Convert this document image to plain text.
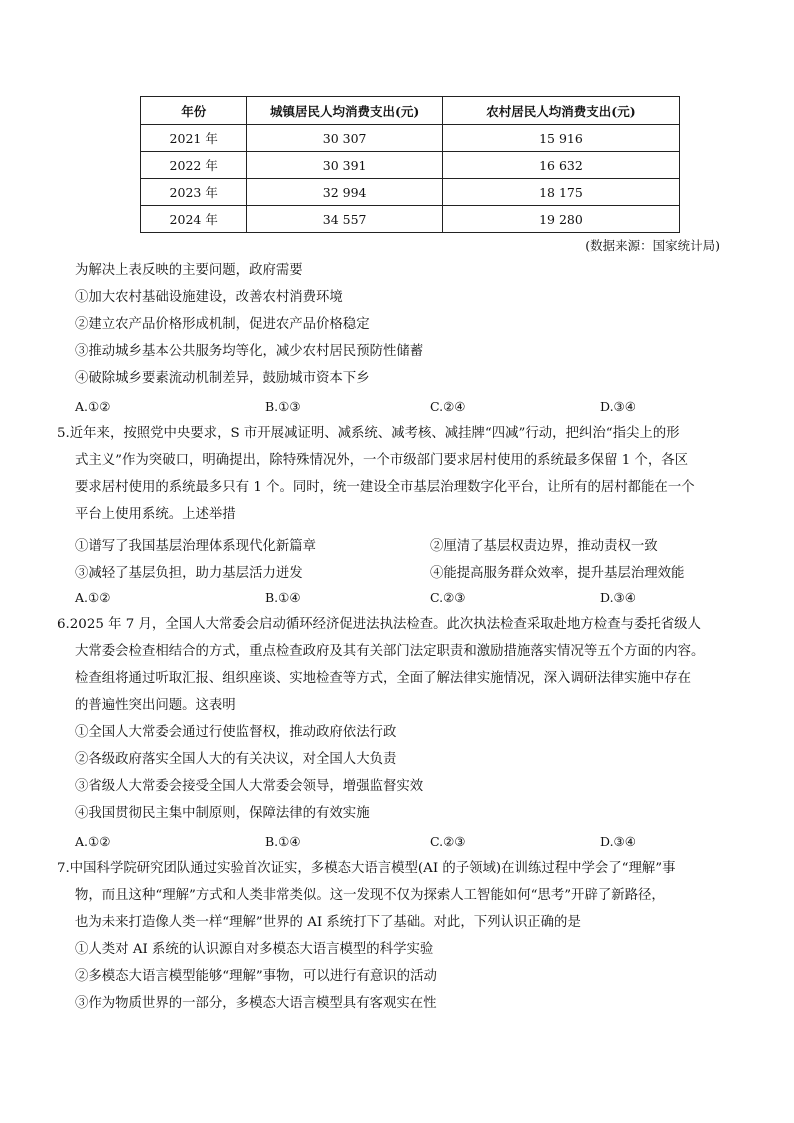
年份	城镇居民人均消费支出(元)	农村居民人均消费支出(元)
2021 年	30 307	15 916
2022 年	30 391	16 632
2023 年	32 994	18 175
2024 年	34 557	19 280
(数据来源：国家统计局)
为解决上表反映的主要问题，政府需要
①加大农村基础设施建设，改善农村消费环境
②建立农产品价格形成机制，促进农产品价格稳定
③推动城乡基本公共服务均等化，减少农村居民预防性储蓄
④破除城乡要素流动机制差异，鼓励城市资本下乡
A.①②	B.①③	C.②④	D.③④
5.近年来，按照党中央要求，S 市开展减证明、减系统、减考核、减挂牌“四减”行动，把纠治“指尖上的形
式主义”作为突破口，明确提出，除特殊情况外，一个市级部门要求居村使用的系统最多保留 1 个，各区
要求居村使用的系统最多只有 1 个。同时，统一建设全市基层治理数字化平台，让所有的居村都能在一个
平台上使用系统。上述举措
①谱写了我国基层治理体系现代化新篇章	②厘清了基层权责边界，推动责权一致
③减轻了基层负担，助力基层活力迸发	④能提高服务群众效率，提升基层治理效能
A.①②	B.①④	C.②③	D.③④
6.2025 年 7 月，全国人大常委会启动循环经济促进法执法检查。此次执法检查采取赴地方检查与委托省级人
大常委会检查相结合的方式，重点检查政府及其有关部门法定职责和激励措施落实情况等五个方面的内容。
检查组将通过听取汇报、组织座谈、实地检查等方式，全面了解法律实施情况，深入调研法律实施中存在
的普遍性突出问题。这表明
①全国人大常委会通过行使监督权，推动政府依法行政
②各级政府落实全国人大的有关决议，对全国人大负责
③省级人大常委会接受全国人大常委会领导，增强监督实效
④我国贯彻民主集中制原则，保障法律的有效实施
A.①②	B.①④	C.②③	D.③④
7.中国科学院研究团队通过实验首次证实，多模态大语言模型(AI 的子领域)在训练过程中学会了“理解”事
物，而且这种“理解”方式和人类非常类似。这一发现不仅为探索人工智能如何“思考”开辟了新路径，
也为未来打造像人类一样“理解”世界的 AI 系统打下了基础。对此，下列认识正确的是
①人类对 AI 系统的认识源自对多模态大语言模型的科学实验
②多模态大语言模型能够“理解”事物，可以进行有意识的活动
③作为物质世界的一部分，多模态大语言模型具有客观实在性
